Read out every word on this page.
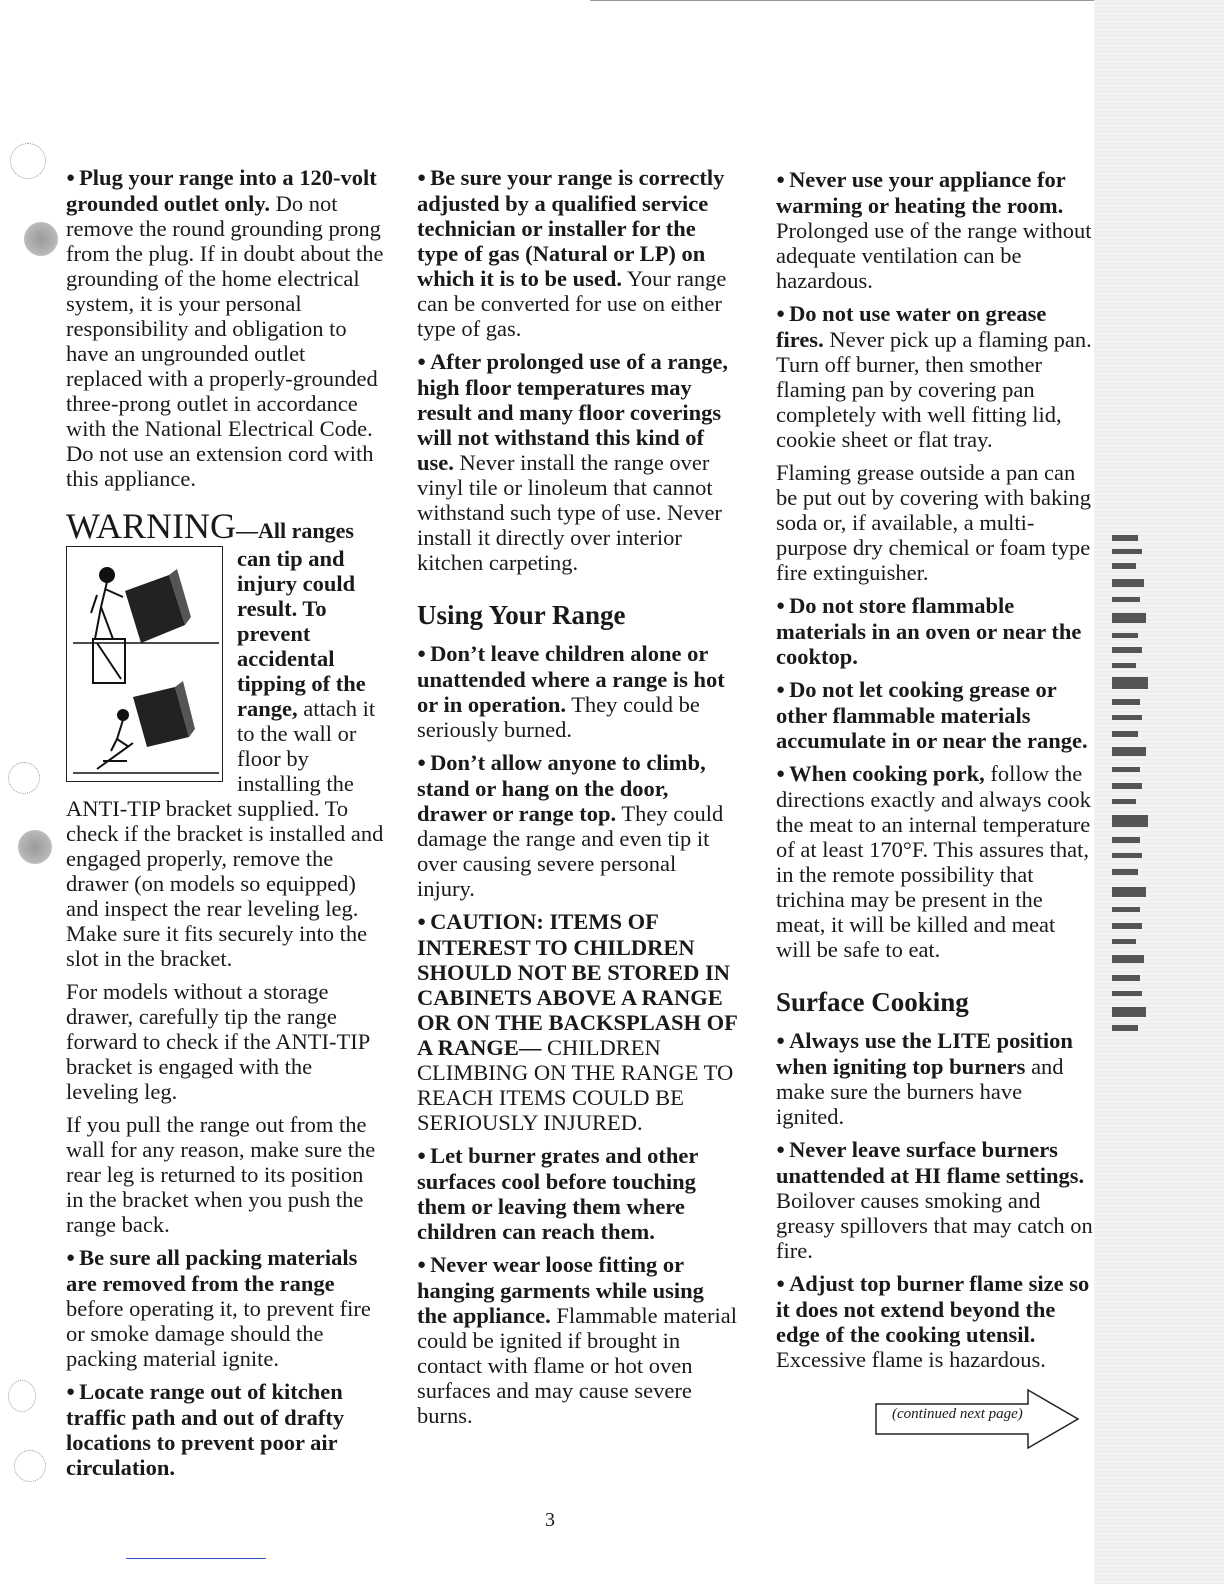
● Plug your range into a 120-volt grounded outlet only. Do not remove the round grounding prong from the plug. If in doubt about the grounding of the home electrical system, it is your personal responsibility and obligation to have an ungrounded outlet replaced with a properly-grounded three-prong outlet in accordance with the National Electrical Code. Do not use an extension cord with this appliance.

WARNING—All ranges
can tip and injury could result. To prevent accidental tipping of the range, attach it to the wall or floor by installing the ANTI-TIP bracket supplied. To check if the bracket is installed and engaged properly, remove the drawer (on models so equipped) and inspect the rear leveling leg. Make sure it fits securely into the slot in the bracket.

For models without a storage drawer, carefully tip the range forward to check if the ANTI-TIP bracket is engaged with the leveling leg.

If you pull the range out from the wall for any reason, make sure the rear leg is returned to its position in the bracket when you push the range back.

● Be sure all packing materials are removed from the range before operating it, to prevent fire or smoke damage should the packing material ignite.

● Locate range out of kitchen traffic path and out of drafty locations to prevent poor air circulation.

● Be sure your range is correctly adjusted by a qualified service technician or installer for the type of gas (Natural or LP) on which it is to be used. Your range can be converted for use on either type of gas.

● After prolonged use of a range, high floor temperatures may result and many floor coverings will not withstand this kind of use. Never install the range over vinyl tile or linoleum that cannot withstand such type of use. Never install it directly over interior kitchen carpeting.

Using Your Range

● Don’t leave children alone or unattended where a range is hot or in operation. They could be seriously burned.

● Don’t allow anyone to climb, stand or hang on the door, drawer or range top. They could damage the range and even tip it over causing severe personal injury.

● CAUTION: ITEMS OF INTEREST TO CHILDREN SHOULD NOT BE STORED IN CABINETS ABOVE A RANGE OR ON THE BACKSPLASH OF A RANGE— CHILDREN CLIMBING ON THE RANGE TO REACH ITEMS COULD BE SERIOUSLY INJURED.

● Let burner grates and other surfaces cool before touching them or leaving them where children can reach them.

● Never wear loose fitting or hanging garments while using the appliance. Flammable material could be ignited if brought in contact with flame or hot oven surfaces and may cause severe burns.

● Never use your appliance for warming or heating the room. Prolonged use of the range without adequate ventilation can be hazardous.

● Do not use water on grease fires. Never pick up a flaming pan. Turn off burner, then smother flaming pan by covering pan completely with well fitting lid, cookie sheet or flat tray.

Flaming grease outside a pan can be put out by covering with baking soda or, if available, a multi-purpose dry chemical or foam type fire extinguisher.

● Do not store flammable materials in an oven or near the cooktop.

● Do not let cooking grease or other flammable materials accumulate in or near the range.

● When cooking pork, follow the directions exactly and always cook the meat to an internal temperature of at least 170°F. This assures that, in the remote possibility that trichina may be present in the meat, it will be killed and meat will be safe to eat.

Surface Cooking

● Always use the LITE position when igniting top burners and make sure the burners have ignited.

● Never leave surface burners unattended at HI flame settings. Boilover causes smoking and greasy spillovers that may catch on fire.

● Adjust top burner flame size so it does not extend beyond the edge of the cooking utensil. Excessive flame is hazardous.

(continued next page)
3
